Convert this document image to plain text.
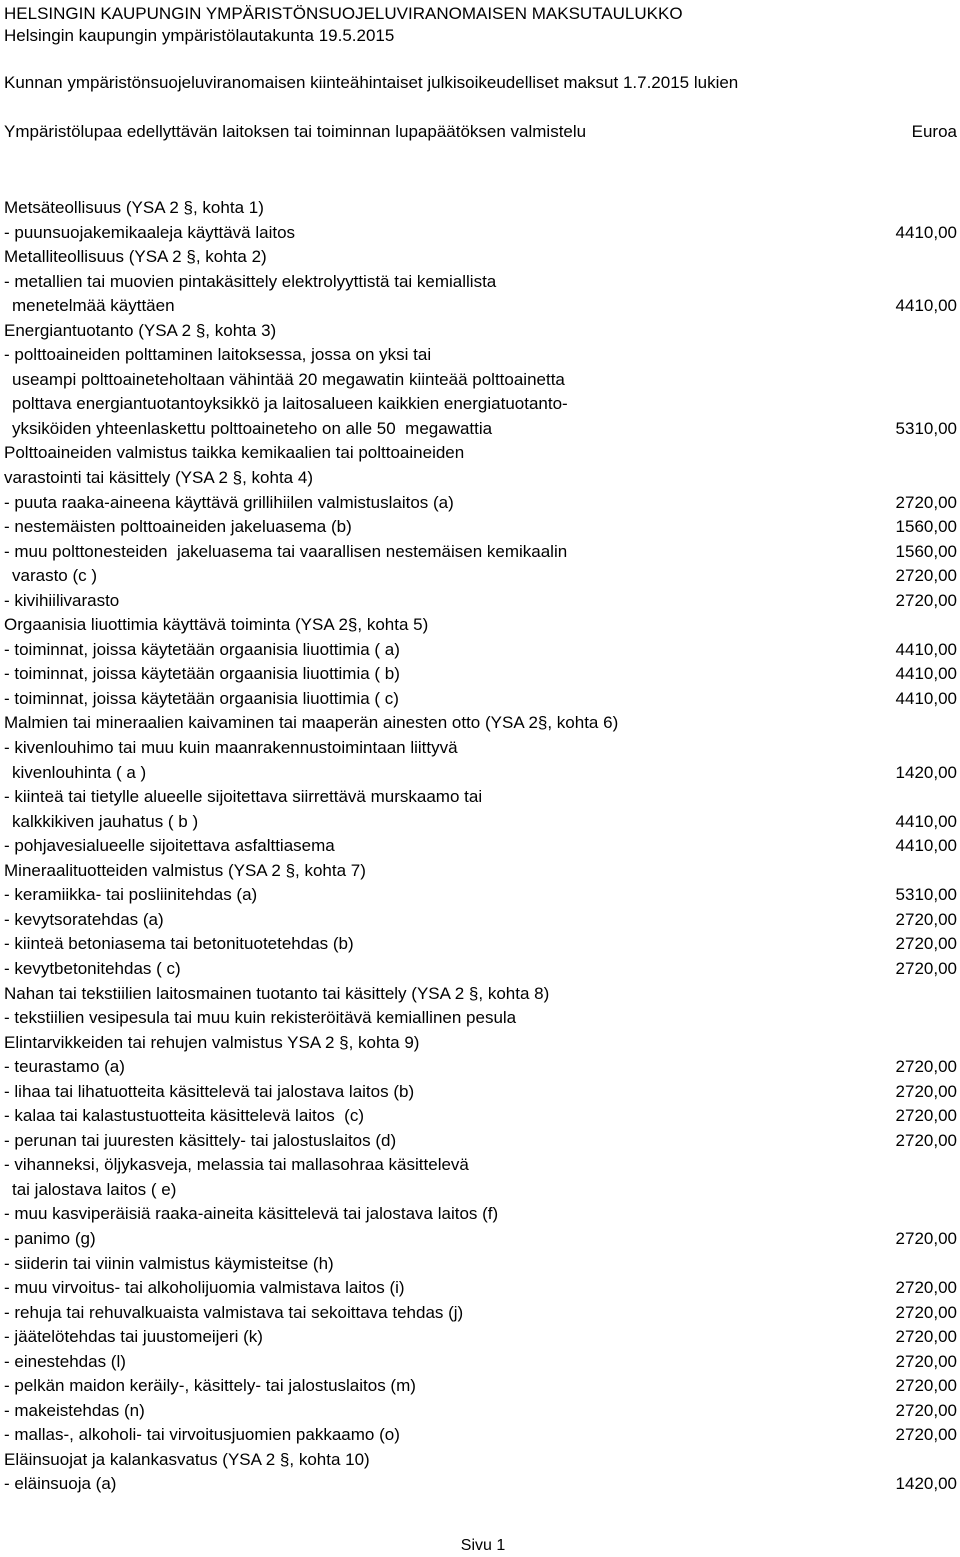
HELSINGIN KAUPUNGIN YMPÄRISTÖNSUOJELUVIRANOMAISEN MAKSUTAULUKKO
Helsingin kaupungin ympäristölautakunta 19.5.2015
Kunnan ympäristönsuojeluviranomaisen kiinteähintaiset julkisoikeudelliset maksut 1.7.2015 lukien
Ympäristölupaa edellyttävän laitoksen tai toiminnan lupapäätöksen valmistelu	Euroa
Metsäteollisuus (YSA 2 §, kohta 1)
- puunsuojakemikaaleja käyttävä laitos	4410,00
Metalliteollisuus (YSA 2 §, kohta 2)
- metallien tai muovien pintakäsittely elektrolyyttistä tai kemiallista
menetelmää käyttäen	4410,00
Energiantuotanto (YSA 2 §, kohta 3)
- polttoaineiden polttaminen laitoksessa, jossa on yksi tai
useampi polttoaineteholtaan vähintää 20 megawatin kiinteää polttoainetta
polttava energiantuotantoyksikkö ja laitosalueen kaikkien energiatuotanto-
yksiköiden yhteenlaskettu polttoaineteho on alle 50  megawattia	5310,00
Polttoaineiden valmistus taikka kemikaalien tai polttoaineiden
varastointi tai käsittely (YSA 2 §, kohta 4)
- puuta raaka-aineena käyttävä grillihiilen valmistuslaitos (a)	2720,00
- nestemäisten polttoaineiden jakeluasema (b)	1560,00
- muu polttonesteiden  jakeluasema tai vaarallisen nestemäisen kemikaalin	1560,00
varasto (c )	2720,00
- kivihiilivarasto	2720,00
Orgaanisia liuottimia käyttävä toiminta (YSA 2§, kohta 5)
- toiminnat, joissa käytetään orgaanisia liuottimia ( a)	4410,00
- toiminnat, joissa käytetään orgaanisia liuottimia ( b)	4410,00
- toiminnat, joissa käytetään orgaanisia liuottimia ( c)	4410,00
Malmien tai mineraalien kaivaminen tai maaperän ainesten otto (YSA 2§, kohta 6)
- kivenlouhimo tai muu kuin maanrakennustoimintaan liittyvä
kivenlouhinta ( a )	1420,00
- kiinteä tai tietylle alueelle sijoitettava siirrettävä murskaamo tai
kalkkikiven jauhatus ( b )	4410,00
- pohjavesialueelle sijoitettava asfalttiasema	4410,00
Mineraalituotteiden valmistus (YSA 2 §, kohta 7)
- keramiikka- tai posliinitehdas (a)	5310,00
- kevytsoratehdas (a)	2720,00
- kiinteä betoniasema tai betonituotetehdas (b)	2720,00
- kevytbetonitehdas ( c)	2720,00
Nahan tai tekstiilien laitosmainen tuotanto tai käsittely (YSA 2 §, kohta 8)
- tekstiilien vesipesula tai muu kuin rekisteröitävä kemiallinen pesula
Elintarvikkeiden tai rehujen valmistus YSA 2 §, kohta 9)
- teurastamo (a)	2720,00
- lihaa tai lihatuotteita käsittelevä tai jalostava laitos (b)	2720,00
- kalaa tai kalastustuotteita käsittelevä laitos  (c)	2720,00
- perunan tai juuresten käsittely- tai jalostuslaitos (d)	2720,00
- vihanneksi, öljykasveja, melassia tai mallasohraa käsittelevä
tai jalostava laitos ( e)
- muu kasviperäisiä raaka-aineita käsittelevä tai jalostava laitos (f)
- panimo (g)	2720,00
- siiderin tai viinin valmistus käymisteitse (h)
- muu virvoitus- tai alkoholijuomia valmistava laitos (i)	2720,00
- rehuja tai rehuvalkuaista valmistava tai sekoittava tehdas (j)	2720,00
- jäätelötehdas tai juustomeijeri (k)	2720,00
- einestehdas (l)	2720,00
- pelkän maidon keräily-, käsittely- tai jalostuslaitos (m)	2720,00
- makeistehdas (n)	2720,00
- mallas-, alkoholi- tai virvoitusjuomien pakkaamo (o)	2720,00
Eläinsuojat ja kalankasvatus (YSA 2 §, kohta 10)
- eläinsuoja (a)	1420,00
Sivu 1
